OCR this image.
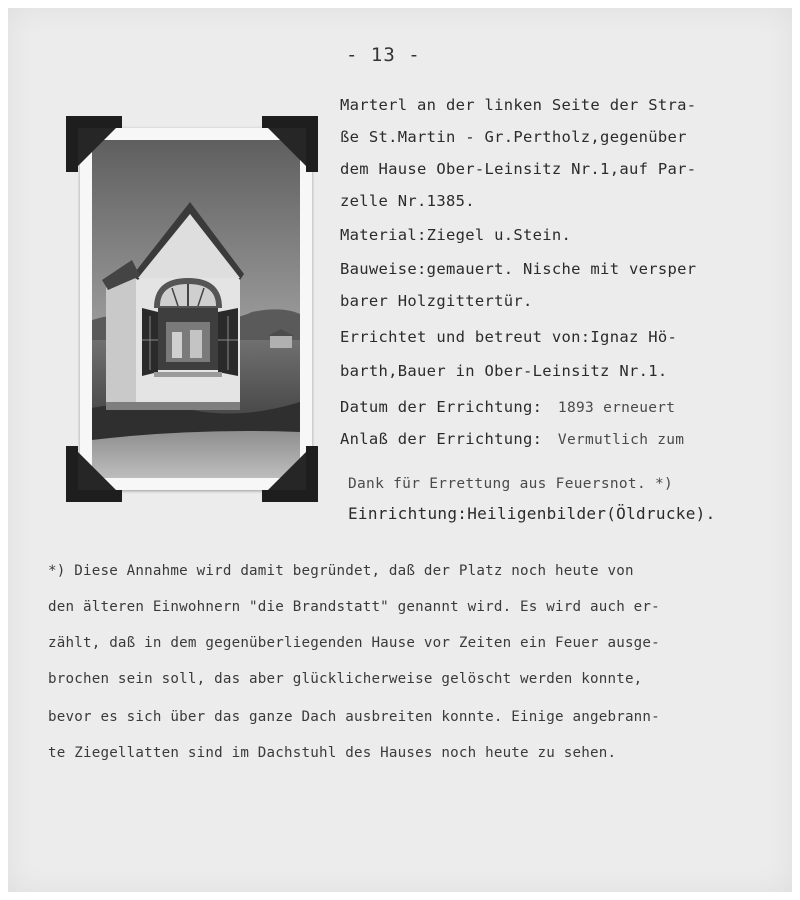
- 13 -
Marterl an der linken Seite der Stra-
ße St.Martin - Gr.Pertholz,gegenüber
dem Hause Ober-Leinsitz Nr.1,auf Par-
zelle Nr.1385.
Material:Ziegel u.Stein.
Bauweise:gemauert. Nische mit versper
barer Holzgittertür.
Errichtet und betreut von:Ignaz Hö-
barth,Bauer in Ober-Leinsitz Nr.1.
Datum der Errichtung: 1893 erneuert
Anlaß der Errichtung: Vermutlich zum
Dank für Errettung aus Feuersnot. *)
Einrichtung:Heiligenbilder(Öldrucke).
*) Diese Annahme wird damit begründet, daß der Platz noch heute von
den älteren Einwohnern "die Brandstatt" genannt wird. Es wird auch er-
zählt, daß in dem gegenüberliegenden Hause vor Zeiten ein Feuer ausge-
brochen sein soll, das aber glücklicherweise gelöscht werden konnte,
bevor es sich über das ganze Dach ausbreiten konnte. Einige angebrann-
te Ziegellatten sind im Dachstuhl des Hauses noch heute zu sehen.
